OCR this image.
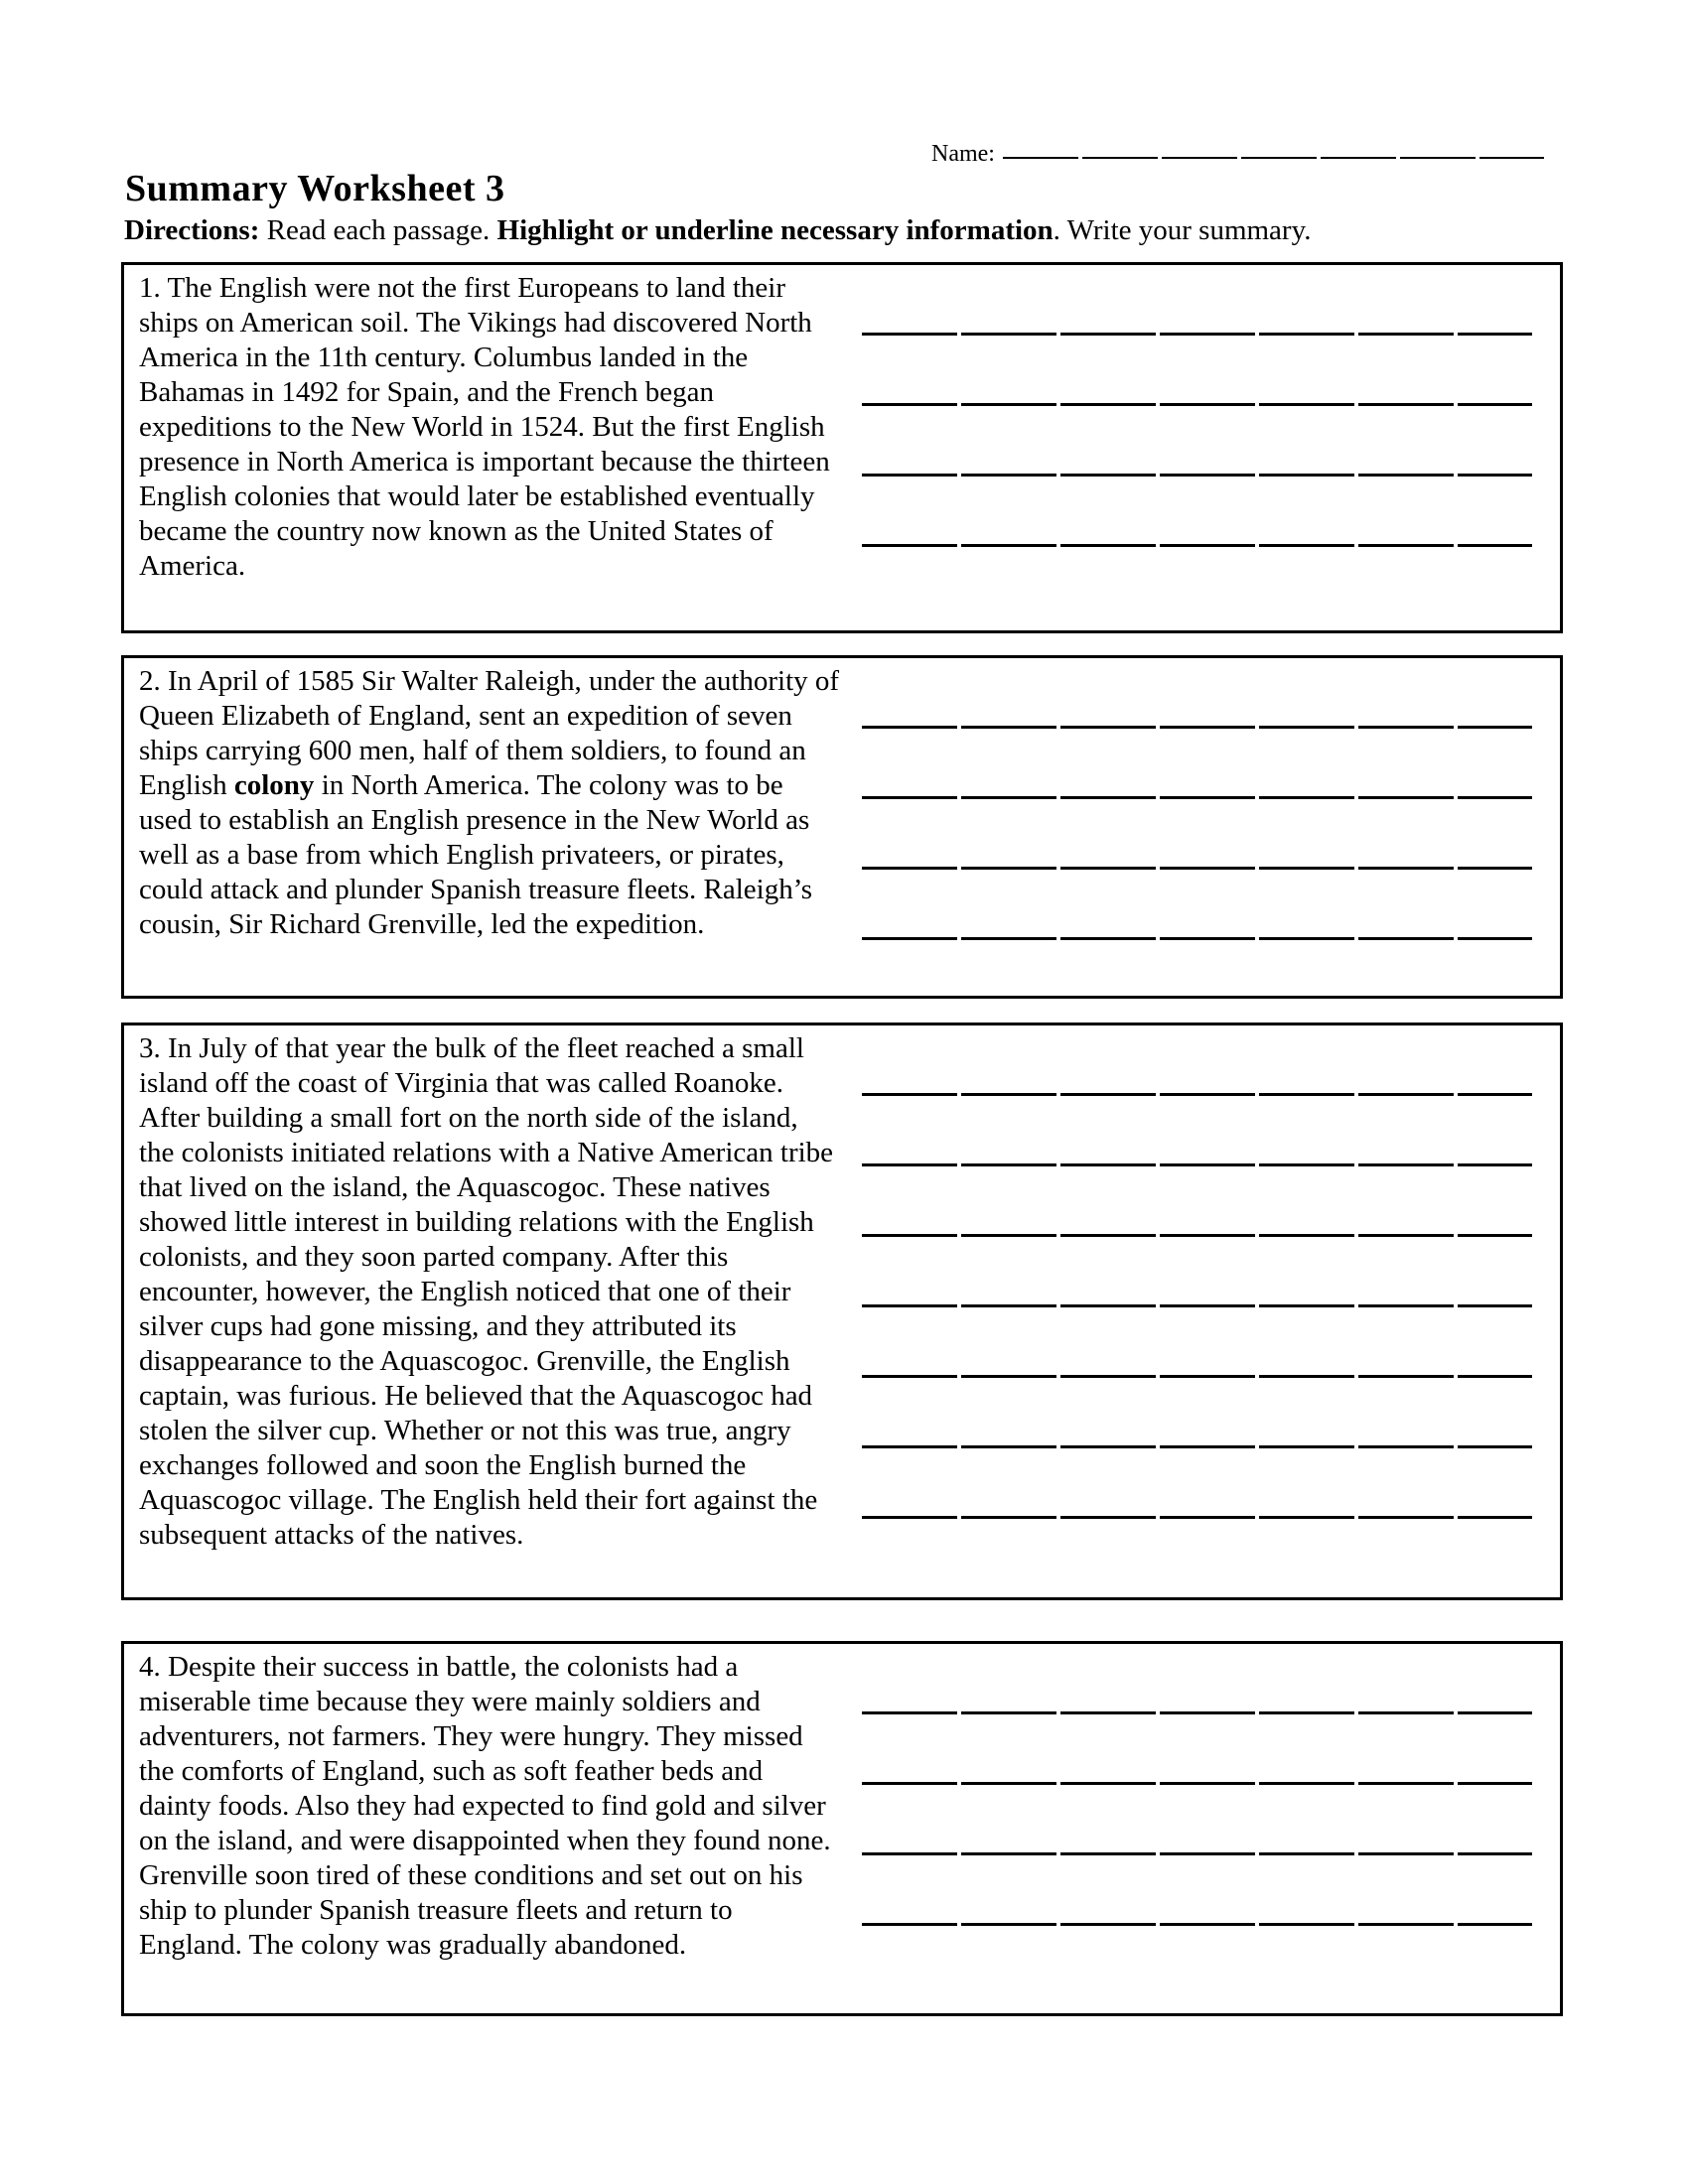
Name:
Summary Worksheet 3

Directions: Read each passage. Highlight or underline necessary information. Write your summary.

1. The English were not the first Europeans to land their ships on American soil. The Vikings had discovered North America in the 11th century. Columbus landed in the Bahamas in 1492 for Spain, and the French began expeditions to the New World in 1524. But the first English presence in North America is important because the thirteen English colonies that would later be established eventually became the country now known as the United States of America.
2. In April of 1585 Sir Walter Raleigh, under the authority of Queen Elizabeth of England, sent an expedition of seven ships carrying 600 men, half of them soldiers, to found an English colony in North America. The colony was to be used to establish an English presence in the New World as well as a base from which English privateers, or pirates, could attack and plunder Spanish treasure fleets. Raleigh’s cousin, Sir Richard Grenville, led the expedition.
3. In July of that year the bulk of the fleet reached a small island off the coast of Virginia that was called Roanoke. After building a small fort on the north side of the island, the colonists initiated relations with a Native American tribe that lived on the island, the Aquascogoc. These natives showed little interest in building relations with the English colonists, and they soon parted company. After this encounter, however, the English noticed that one of their silver cups had gone missing, and they attributed its disappearance to the Aquascogoc. Grenville, the English captain, was furious. He believed that the Aquascogoc had stolen the silver cup. Whether or not this was true, angry exchanges followed and soon the English burned the Aquascogoc village. The English held their fort against the subsequent attacks of the natives.
4. Despite their success in battle, the colonists had a miserable time because they were mainly soldiers and adventurers, not farmers. They were hungry. They missed the comforts of England, such as soft feather beds and dainty foods. Also they had expected to find gold and silver on the island, and were disappointed when they found none. Grenville soon tired of these conditions and set out on his ship to plunder Spanish treasure fleets and return to England. The colony was gradually abandoned.
